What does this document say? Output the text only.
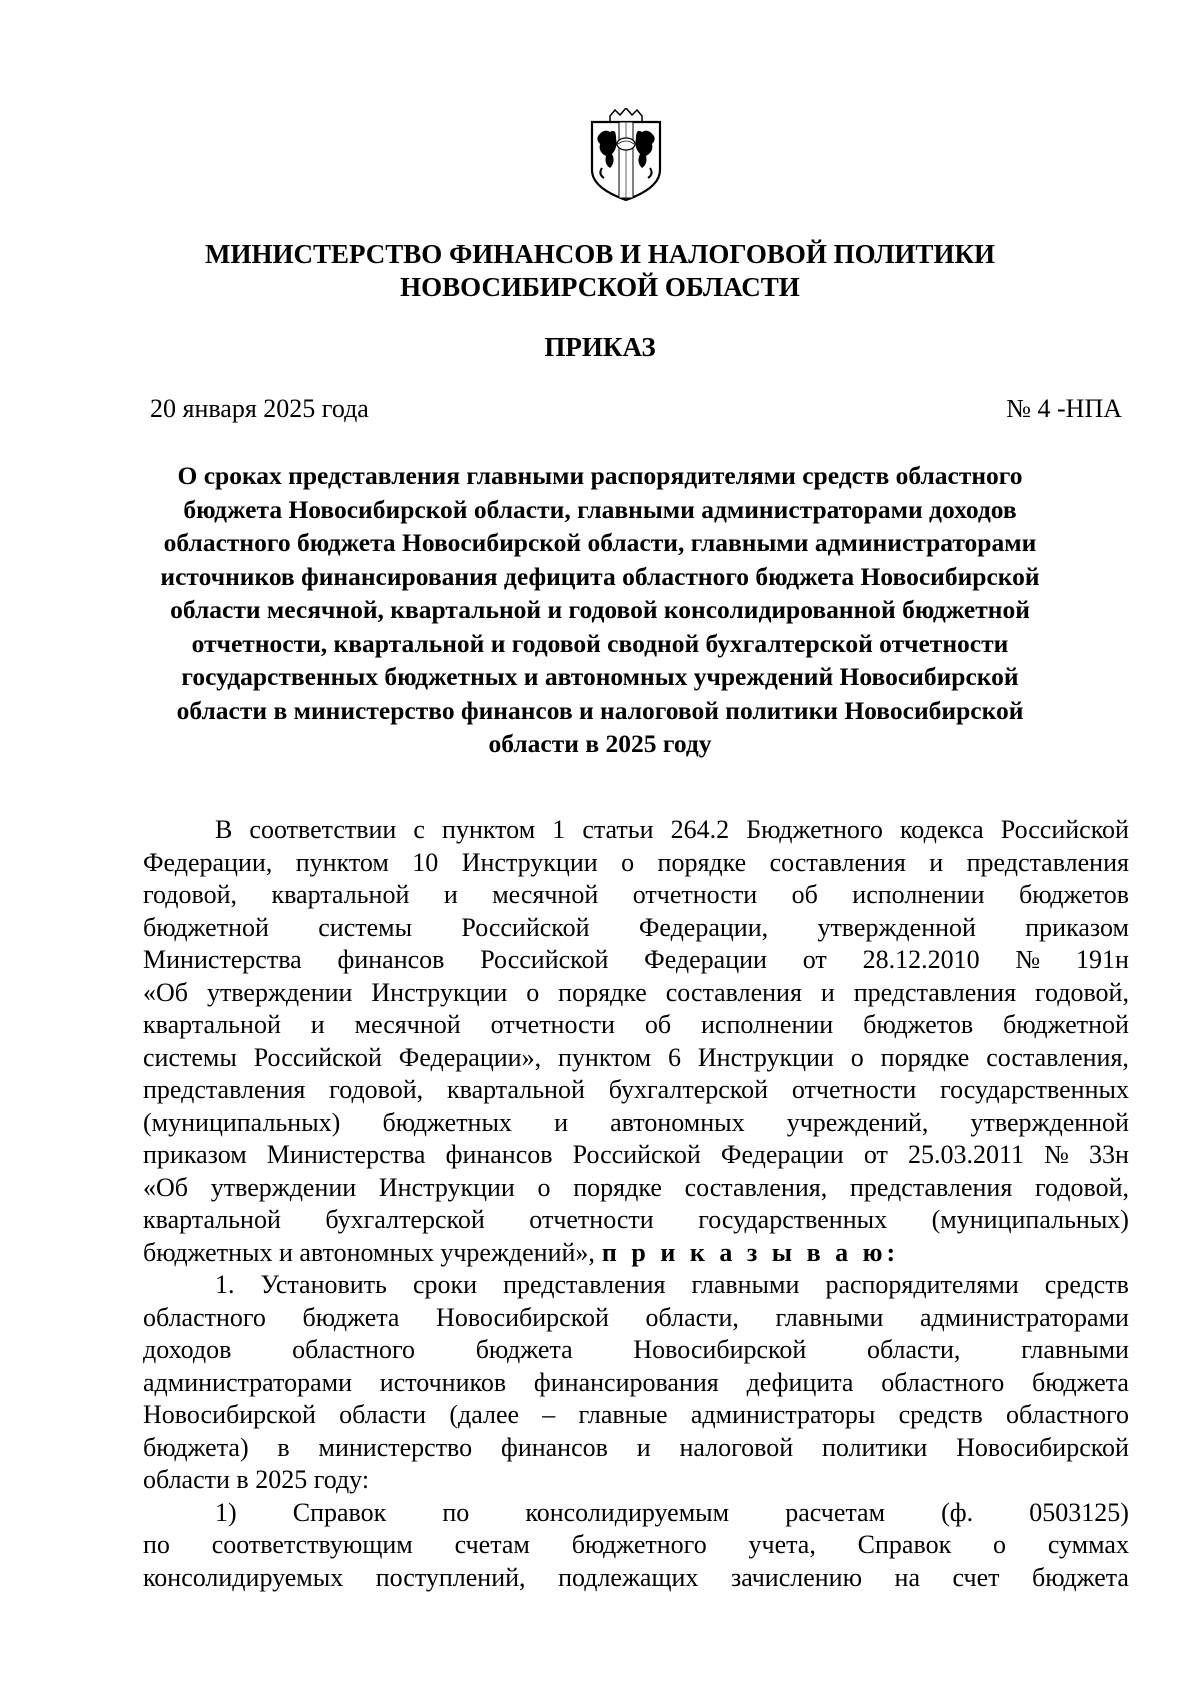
МИНИСТЕРСТВО ФИНАНСОВ И НАЛОГОВОЙ ПОЛИТИКИ
НОВОСИБИРСКОЙ ОБЛАСТИ
ПРИКАЗ
20 января 2025 года	№ 4 -НПА
О сроках представления главными распорядителями средств областного
бюджета Новосибирской области, главными администраторами доходов
областного бюджета Новосибирской области, главными администраторами
источников финансирования дефицита областного бюджета Новосибирской
области месячной, квартальной и годовой консолидированной бюджетной
отчетности, квартальной и годовой сводной бухгалтерской отчетности
государственных бюджетных и автономных учреждений Новосибирской
области в министерство финансов и налоговой политики Новосибирской
области в 2025 году
В соответствии с пунктом 1 статьи 264.2 Бюджетного кодекса Российской
Федерации, пунктом 10 Инструкции о порядке составления и представления
годовой, квартальной и месячной отчетности об исполнении бюджетов
бюджетной системы Российской Федерации, утвержденной приказом
Министерства финансов Российской Федерации от 28.12.2010 № 191н
«Об утверждении Инструкции о порядке составления и представления годовой,
квартальной и месячной отчетности об исполнении бюджетов бюджетной
системы Российской Федерации», пунктом 6 Инструкции о порядке составления,
представления годовой, квартальной бухгалтерской отчетности государственных
(муниципальных) бюджетных и автономных учреждений, утвержденной
приказом Министерства финансов Российской Федерации от 25.03.2011 № 33н
«Об утверждении Инструкции о порядке составления, представления годовой,
квартальной бухгалтерской отчетности государственных (муниципальных)
бюджетных и автономных учреждений», п р и к а з ы в а ю:
1. Установить сроки представления главными распорядителями средств
областного бюджета Новосибирской области, главными администраторами
доходов областного бюджета Новосибирской области, главными
администраторами источников финансирования дефицита областного бюджета
Новосибирской области (далее – главные администраторы средств областного
бюджета) в министерство финансов и налоговой политики Новосибирской
области в 2025 году:
1) Справок по консолидируемым расчетам (ф. 0503125)
по соответствующим счетам бюджетного учета, Справок о суммах
консолидируемых поступлений, подлежащих зачислению на счет бюджета
